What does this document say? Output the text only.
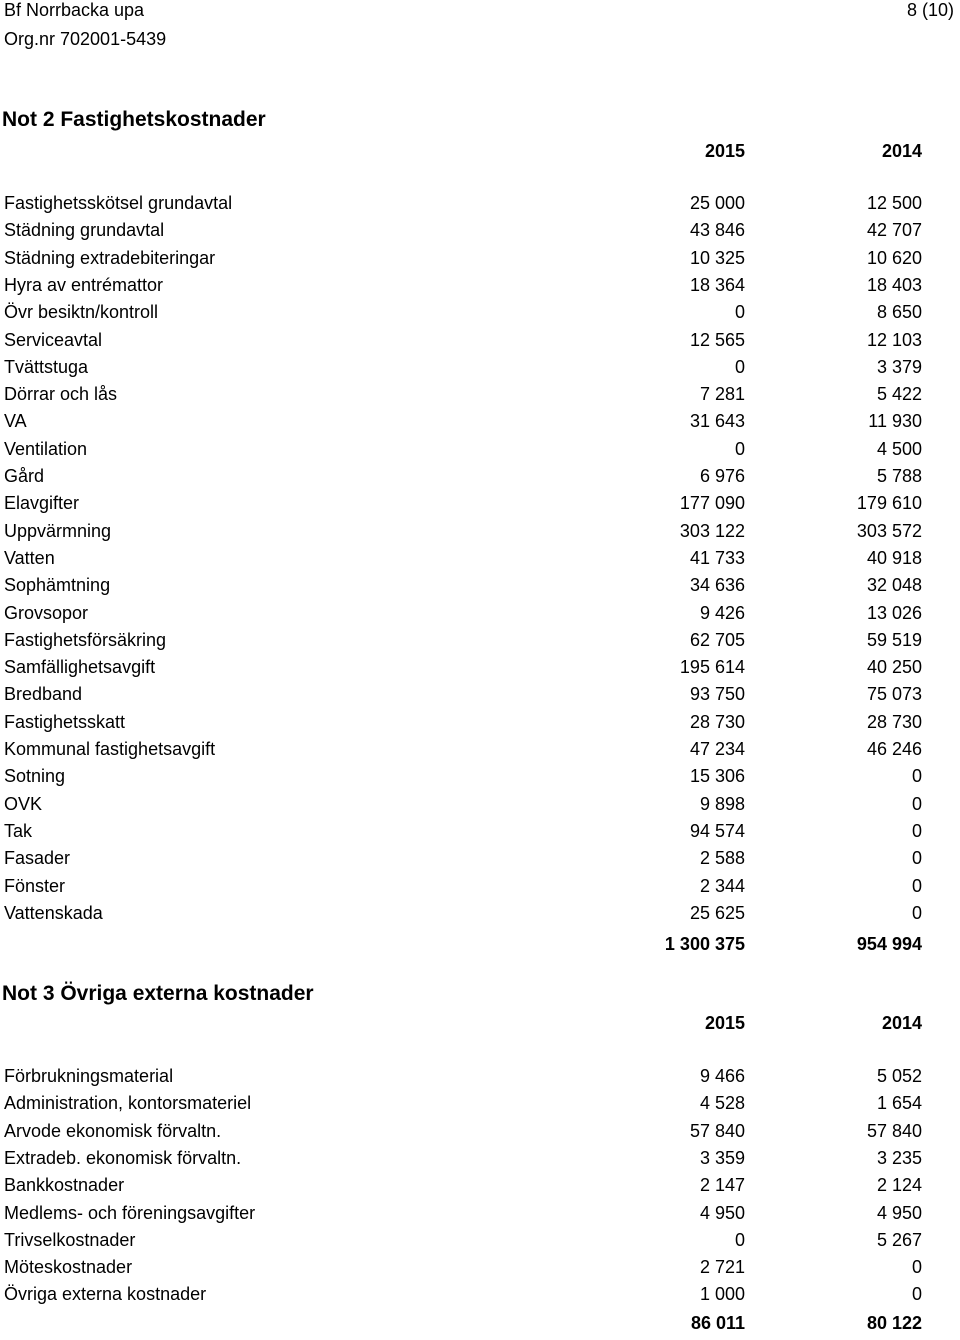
Bf Norrbacka upa
Org.nr 702001-5439
8 (10)
Not 2 Fastighetskostnader
2015	2014
Fastighetsskötsel grundavtal	25 000	12 500
Städning grundavtal	43 846	42 707
Städning extradebiteringar	10 325	10 620
Hyra av entrémattor	18 364	18 403
Övr besiktn/kontroll	0	8 650
Serviceavtal	12 565	12 103
Tvättstuga	0	3 379
Dörrar och lås	7 281	5 422
VA	31 643	11 930
Ventilation	0	4 500
Gård	6 976	5 788
Elavgifter	177 090	179 610
Uppvärmning	303 122	303 572
Vatten	41 733	40 918
Sophämtning	34 636	32 048
Grovsopor	9 426	13 026
Fastighetsförsäkring	62 705	59 519
Samfällighetsavgift	195 614	40 250
Bredband	93 750	75 073
Fastighetsskatt	28 730	28 730
Kommunal fastighetsavgift	47 234	46 246
Sotning	15 306	0
OVK	9 898	0
Tak	94 574	0
Fasader	2 588	0
Fönster	2 344	0
Vattenskada	25 625	0
1 300 375	954 994
Not 3 Övriga externa kostnader
2015	2014
Förbrukningsmaterial	9 466	5 052
Administration, kontorsmateriel	4 528	1 654
Arvode ekonomisk förvaltn.	57 840	57 840
Extradeb. ekonomisk förvaltn.	3 359	3 235
Bankkostnader	2 147	2 124
Medlems- och föreningsavgifter	4 950	4 950
Trivselkostnader	0	5 267
Möteskostnader	2 721	0
Övriga externa kostnader	1 000	0
86 011	80 122
